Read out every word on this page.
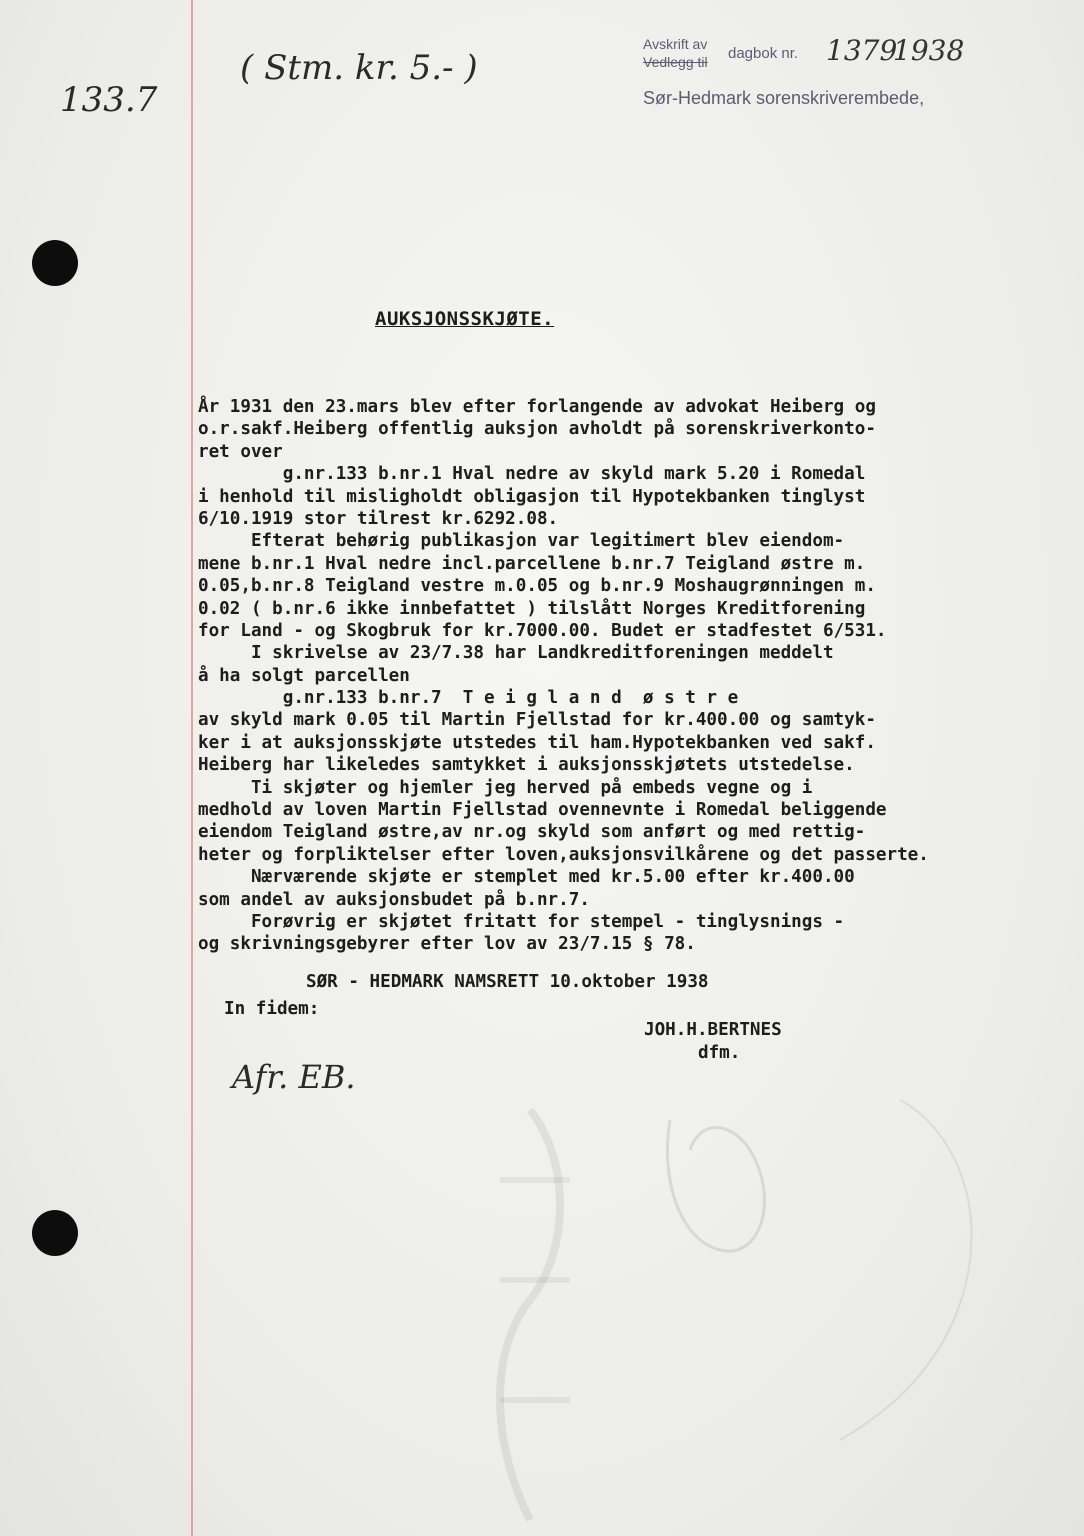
133.7
( Stm. kr. 5.- )
Avskrift av
Vedlegg til dagbok nr. 1379
1938
Sør-Hedmark sorenskriverembede,
AUKSJONSSKJØTE.
År 1931 den 23.mars blev efter forlangende av advokat Heiberg og
o.r.sakf.Heiberg offentlig auksjon avholdt på sorenskriverkonto-
ret over
g.nr.133 b.nr.1 Hval nedre av skyld mark 5.20 i Romedal
i henhold til misligholdt obligasjon til Hypotekbanken tinglyst
6/10.1919 stor tilrest kr.6292.08.
Efterat behørig publikasjon var legitimert blev eiendom-
mene b.nr.1 Hval nedre incl.parcellene b.nr.7 Teigland østre m.
0.05,b.nr.8 Teigland vestre m.0.05 og b.nr.9 Moshaugrønningen m.
0.02 ( b.nr.6 ikke innbefattet ) tilslått Norges Kreditforening
for Land - og Skogbruk for kr.7000.00. Budet er stadfestet 6/531.
I skrivelse av 23/7.38 har Landkreditforeningen meddelt
å ha solgt parcellen
g.nr.133 b.nr.7  T e i g l a n d  ø s t r e
av skyld mark 0.05 til Martin Fjellstad for kr.400.00 og samtyk-
ker i at auksjonsskjøte utstedes til ham.Hypotekbanken ved sakf.
Heiberg har likeledes samtykket i auksjonsskjøtets utstedelse.
Ti skjøter og hjemler jeg herved på embeds vegne og i
medhold av loven Martin Fjellstad ovennevnte i Romedal beliggende
eiendom Teigland østre,av nr.og skyld som anført og med rettig-
heter og forpliktelser efter loven,auksjonsvilkårene og det passerte.
Nærværende skjøte er stemplet med kr.5.00 efter kr.400.00
som andel av auksjonsbudet på b.nr.7.
Forøvrig er skjøtet fritatt for stempel - tinglysnings -
og skrivningsgebyrer efter lov av 23/7.15 § 78.
SØR - HEDMARK NAMSRETT 10.oktober 1938
In fidem:
JOH.H.BERTNES
dfm.
Afr. EB.
